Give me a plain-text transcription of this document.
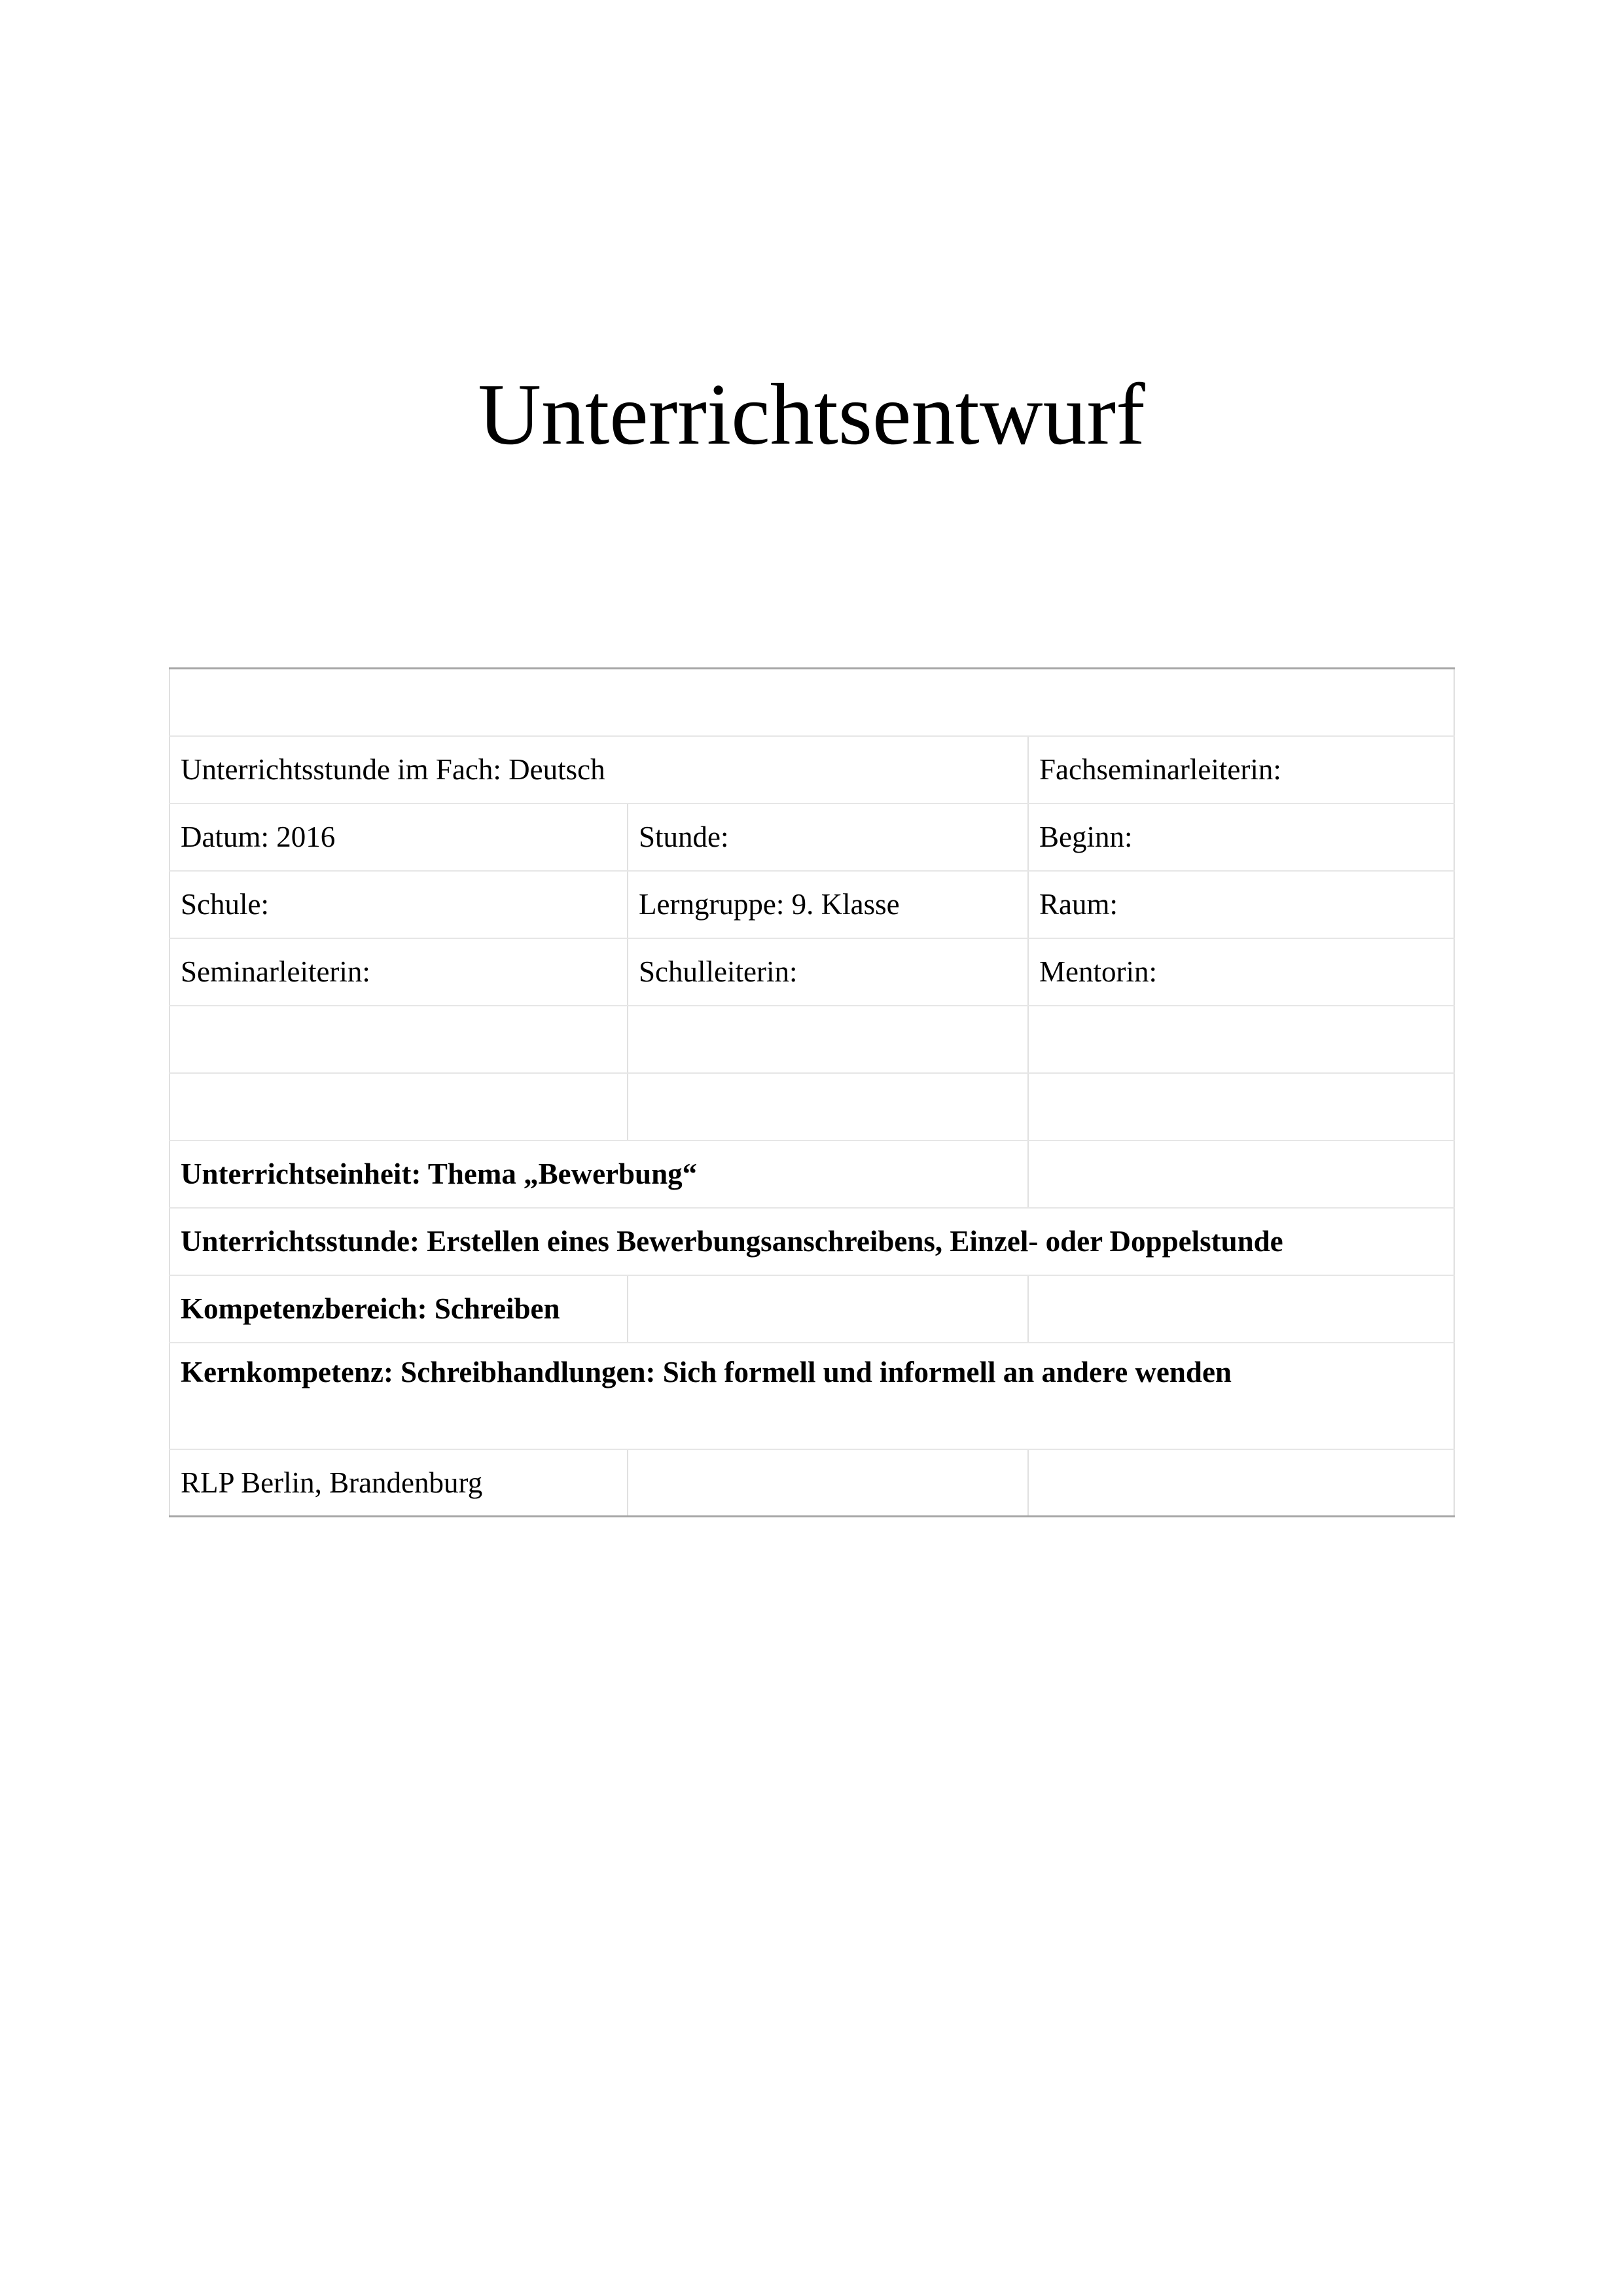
Unterrichtsentwurf

Unterrichtsstunde im Fach: Deutsch		Fachseminarleiterin:
Datum: 2016	Stunde:	Beginn:
Schule:	Lerngruppe: 9. Klasse	Raum:
Seminarleiterin:	Schulleiterin:	Mentorin:

Unterrichtseinheit: Thema „Bewerbung“		
Unterrichtsstunde: Erstellen eines Bewerbungsanschreibens, Einzel- oder Doppelstunde		
Kompetenzbereich: Schreiben		
Kernkompetenz: Schreibhandlungen: Sich formell und informell an andere wenden		
RLP Berlin, Brandenburg		
